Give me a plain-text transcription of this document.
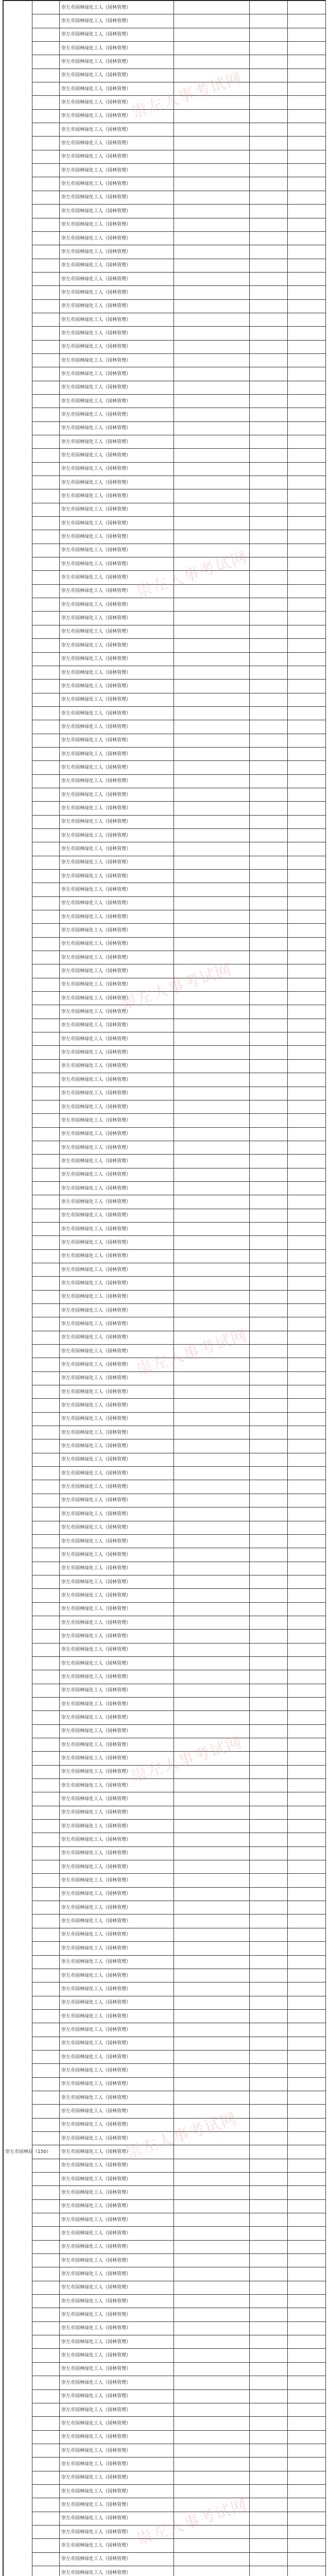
崇左市园林局（150）		崇左市园林绿化工人（园林管理）			
		崇左市园林绿化工人（园林管理）			
		崇左市园林绿化工人（园林管理）			
		崇左市园林绿化工人（园林管理）			
		崇左市园林绿化工人（园林管理）			
		崇左市园林绿化工人（园林管理）			
		崇左市园林绿化工人（园林管理）			
		崇左市园林绿化工人（园林管理）			
		崇左市园林绿化工人（园林管理）			
		崇左市园林绿化工人（园林管理）			
		崇左市园林绿化工人（园林管理）			
		崇左市园林绿化工人（园林管理）			
		崇左市园林绿化工人（园林管理）			
		崇左市园林绿化工人（园林管理）			
		崇左市园林绿化工人（园林管理）			
		崇左市园林绿化工人（园林管理）			
		崇左市园林绿化工人（园林管理）			
		崇左市园林绿化工人（园林管理）			
		崇左市园林绿化工人（园林管理）			
		崇左市园林绿化工人（园林管理）			
		崇左市园林绿化工人（园林管理）			
		崇左市园林绿化工人（园林管理）			
		崇左市园林绿化工人（园林管理）			
		崇左市园林绿化工人（园林管理）			
		崇左市园林绿化工人（园林管理）			
		崇左市园林绿化工人（园林管理）			
		崇左市园林绿化工人（园林管理）			
		崇左市园林绿化工人（园林管理）			
		崇左市园林绿化工人（园林管理）			
		崇左市园林绿化工人（园林管理）			
		崇左市园林绿化工人（园林管理）			
		崇左市园林绿化工人（园林管理）			
		崇左市园林绿化工人（园林管理）			
		崇左市园林绿化工人（园林管理）			
		崇左市园林绿化工人（园林管理）			
		崇左市园林绿化工人（园林管理）			
		崇左市园林绿化工人（园林管理）			
		崇左市园林绿化工人（园林管理）			
		崇左市园林绿化工人（园林管理）			
		崇左市园林绿化工人（园林管理）			
		崇左市园林绿化工人（园林管理）			
		崇左市园林绿化工人（园林管理）			
		崇左市园林绿化工人（园林管理）			
		崇左市园林绿化工人（园林管理）			
		崇左市园林绿化工人（园林管理）			
		崇左市园林绿化工人（园林管理）			
		崇左市园林绿化工人（园林管理）			
		崇左市园林绿化工人（园林管理）			
		崇左市园林绿化工人（园林管理）			
		崇左市园林绿化工人（园林管理）			
		崇左市园林绿化工人（园林管理）			
		崇左市园林绿化工人（园林管理）			
		崇左市园林绿化工人（园林管理）			
		崇左市园林绿化工人（园林管理）			
		崇左市园林绿化工人（园林管理）			
		崇左市园林绿化工人（园林管理）			
		崇左市园林绿化工人（园林管理）			
		崇左市园林绿化工人（园林管理）			
		崇左市园林绿化工人（园林管理）			
		崇左市园林绿化工人（园林管理）			
		崇左市园林绿化工人（园林管理）			
		崇左市园林绿化工人（园林管理）			
		崇左市园林绿化工人（园林管理）			
		崇左市园林绿化工人（园林管理）			
		崇左市园林绿化工人（园林管理）			
		崇左市园林绿化工人（园林管理）			
		崇左市园林绿化工人（园林管理）			
		崇左市园林绿化工人（园林管理）			
		崇左市园林绿化工人（园林管理）			
		崇左市园林绿化工人（园林管理）			
		崇左市园林绿化工人（园林管理）			
		崇左市园林绿化工人（园林管理）			
		崇左市园林绿化工人（园林管理）			
		崇左市园林绿化工人（园林管理）			
		崇左市园林绿化工人（园林管理）			
		崇左市园林绿化工人（园林管理）			
		崇左市园林绿化工人（园林管理）			
		崇左市园林绿化工人（园林管理）			
		崇左市园林绿化工人（园林管理）			
		崇左市园林绿化工人（园林管理）			
		崇左市园林绿化工人（园林管理）			
		崇左市园林绿化工人（园林管理）			
		崇左市园林绿化工人（园林管理）			
		崇左市园林绿化工人（园林管理）			
		崇左市园林绿化工人（园林管理）			
		崇左市园林绿化工人（园林管理）			
		崇左市园林绿化工人（园林管理）			
		崇左市园林绿化工人（园林管理）			
		崇左市园林绿化工人（园林管理）			
		崇左市园林绿化工人（园林管理）			
		崇左市园林绿化工人（园林管理）			
		崇左市园林绿化工人（园林管理）			
		崇左市园林绿化工人（园林管理）			
		崇左市园林绿化工人（园林管理）			
		崇左市园林绿化工人（园林管理）			
		崇左市园林绿化工人（园林管理）			
		崇左市园林绿化工人（园林管理）			
		崇左市园林绿化工人（园林管理）			
		崇左市园林绿化工人（园林管理）			
		崇左市园林绿化工人（园林管理）			
		崇左市园林绿化工人（园林管理）			
		崇左市园林绿化工人（园林管理）			
		崇左市园林绿化工人（园林管理）			
		崇左市园林绿化工人（园林管理）			
		崇左市园林绿化工人（园林管理）			
		崇左市园林绿化工人（园林管理）			
		崇左市园林绿化工人（园林管理）			
		崇左市园林绿化工人（园林管理）			
		崇左市园林绿化工人（园林管理）			
		崇左市园林绿化工人（园林管理）			
		崇左市园林绿化工人（园林管理）			
		崇左市园林绿化工人（园林管理）			
		崇左市园林绿化工人（园林管理）			
		崇左市园林绿化工人（园林管理）			
		崇左市园林绿化工人（园林管理）			
		崇左市园林绿化工人（园林管理）			
		崇左市园林绿化工人（园林管理）			
		崇左市园林绿化工人（园林管理）			
		崇左市园林绿化工人（园林管理）			
		崇左市园林绿化工人（园林管理）			
		崇左市园林绿化工人（园林管理）			
		崇左市园林绿化工人（园林管理）			
		崇左市园林绿化工人（园林管理）			
		崇左市园林绿化工人（园林管理）			
		崇左市园林绿化工人（园林管理）			
		崇左市园林绿化工人（园林管理）			
		崇左市园林绿化工人（园林管理）			
		崇左市园林绿化工人（园林管理）			
		崇左市园林绿化工人（园林管理）			
		崇左市园林绿化工人（园林管理）			
		崇左市园林绿化工人（园林管理）			
		崇左市园林绿化工人（园林管理）			
		崇左市园林绿化工人（园林管理）			
		崇左市园林绿化工人（园林管理）			
		崇左市园林绿化工人（园林管理）			
		崇左市园林绿化工人（园林管理）			
		崇左市园林绿化工人（园林管理）			
		崇左市园林绿化工人（园林管理）			
		崇左市园林绿化工人（园林管理）			
		崇左市园林绿化工人（园林管理）			
		崇左市园林绿化工人（园林管理）			
		崇左市园林绿化工人（园林管理）			
		崇左市园林绿化工人（园林管理）			
		崇左市园林绿化工人（园林管理）			
		崇左市园林绿化工人（园林管理）			
		崇左市园林绿化工人（园林管理）			
		崇左市园林绿化工人（园林管理）			
		崇左市园林绿化工人（园林管理）			
		崇左市园林绿化工人（园林管理）			
		崇左市园林绿化工人（园林管理）			
		崇左市园林绿化工人（园林管理）			
		崇左市园林绿化工人（园林管理）			
		崇左市园林绿化工人（园林管理）			
		崇左市园林绿化工人（园林管理）			
		崇左市园林绿化工人（园林管理）			
		崇左市园林绿化工人（园林管理）			
		崇左市园林绿化工人（园林管理）			
		崇左市园林绿化工人（园林管理）			
		崇左市园林绿化工人（园林管理）			
		崇左市园林绿化工人（园林管理）			
		崇左市园林绿化工人（园林管理）			
		崇左市园林绿化工人（园林管理）			
		崇左市园林绿化工人（园林管理）			
		崇左市园林绿化工人（园林管理）			
		崇左市园林绿化工人（园林管理）			
		崇左市园林绿化工人（园林管理）			
		崇左市园林绿化工人（园林管理）			
		崇左市园林绿化工人（园林管理）			
		崇左市园林绿化工人（园林管理）			
		崇左市园林绿化工人（园林管理）			
		崇左市园林绿化工人（园林管理）			
		崇左市园林绿化工人（园林管理）			
		崇左市园林绿化工人（园林管理）			
		崇左市园林绿化工人（园林管理）			
		崇左市园林绿化工人（园林管理）			
		崇左市园林绿化工人（园林管理）			
		崇左市园林绿化工人（园林管理）			
		崇左市园林绿化工人（园林管理）			
		崇左市园林绿化工人（园林管理）			
		崇左市园林绿化工人（园林管理）			
		崇左市园林绿化工人（园林管理）			
		崇左市园林绿化工人（园林管理）			
		崇左市园林绿化工人（园林管理）			
		崇左市园林绿化工人（园林管理）			
		崇左市园林绿化工人（园林管理）			
		崇左市园林绿化工人（园林管理）			
		崇左市园林绿化工人（园林管理）			
		崇左市园林绿化工人（园林管理）			
		崇左市园林绿化工人（园林管理）			
		崇左市园林绿化工人（园林管理）			

崇左人事考试网
崇左人事考试网
崇左人事考试网
崇左人事考试网
崇左人事考试网
崇左人事考试网
崇左人事考试网
